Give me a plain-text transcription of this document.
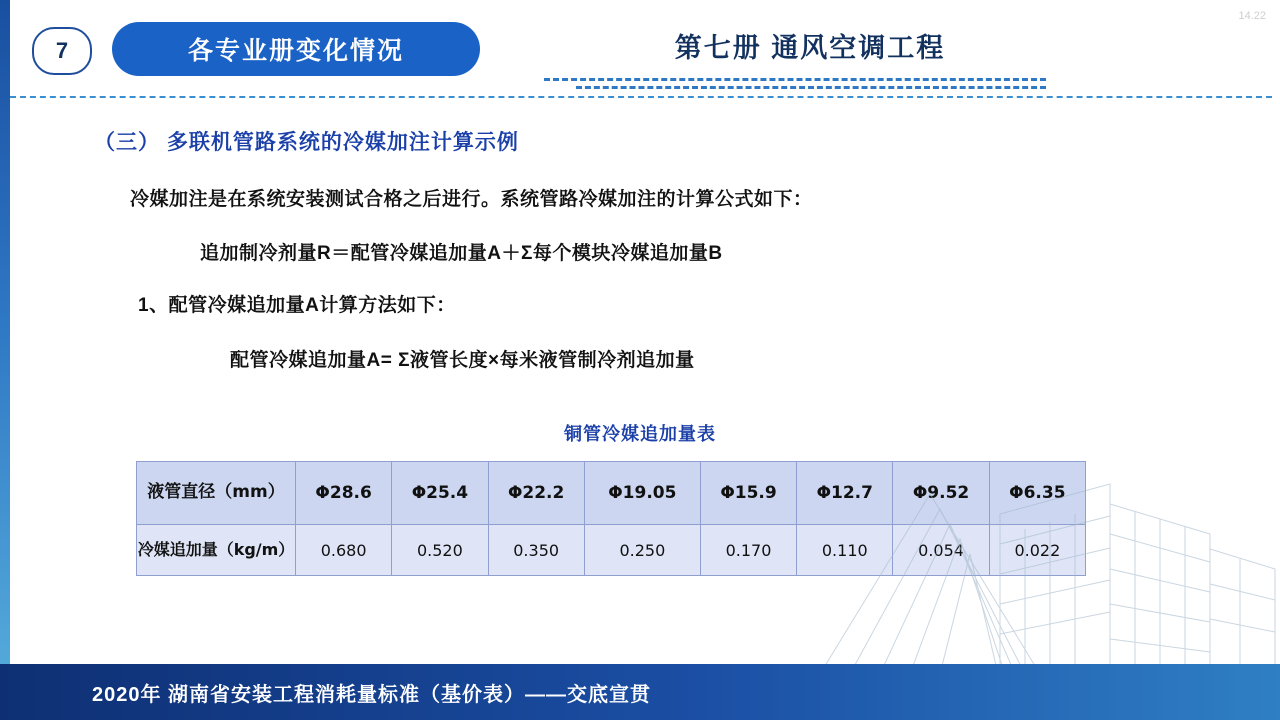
7	各专业册变化情况	第七册 通风空调工程
14.22
（三） 多联机管路系统的冷媒加注计算示例
冷媒加注是在系统安装测试合格之后进行。系统管路冷媒加注的计算公式如下：
追加制冷剂量R＝配管冷媒追加量A＋Σ每个模块冷媒追加量B
1、配管冷媒追加量A计算方法如下：
配管冷媒追加量A= Σ液管长度×每米液管制冷剂追加量
铜管冷媒追加量表
液管直径（mm）	Φ28.6	Φ25.4	Φ22.2	Φ19.05	Φ15.9	Φ12.7	Φ9.52	Φ6.35
冷媒追加量（kg/m）	0.680	0.520	0.350	0.250	0.170	0.110	0.054	0.022
2020年 湖南省安装工程消耗量标准（基价表）——交底宣贯
